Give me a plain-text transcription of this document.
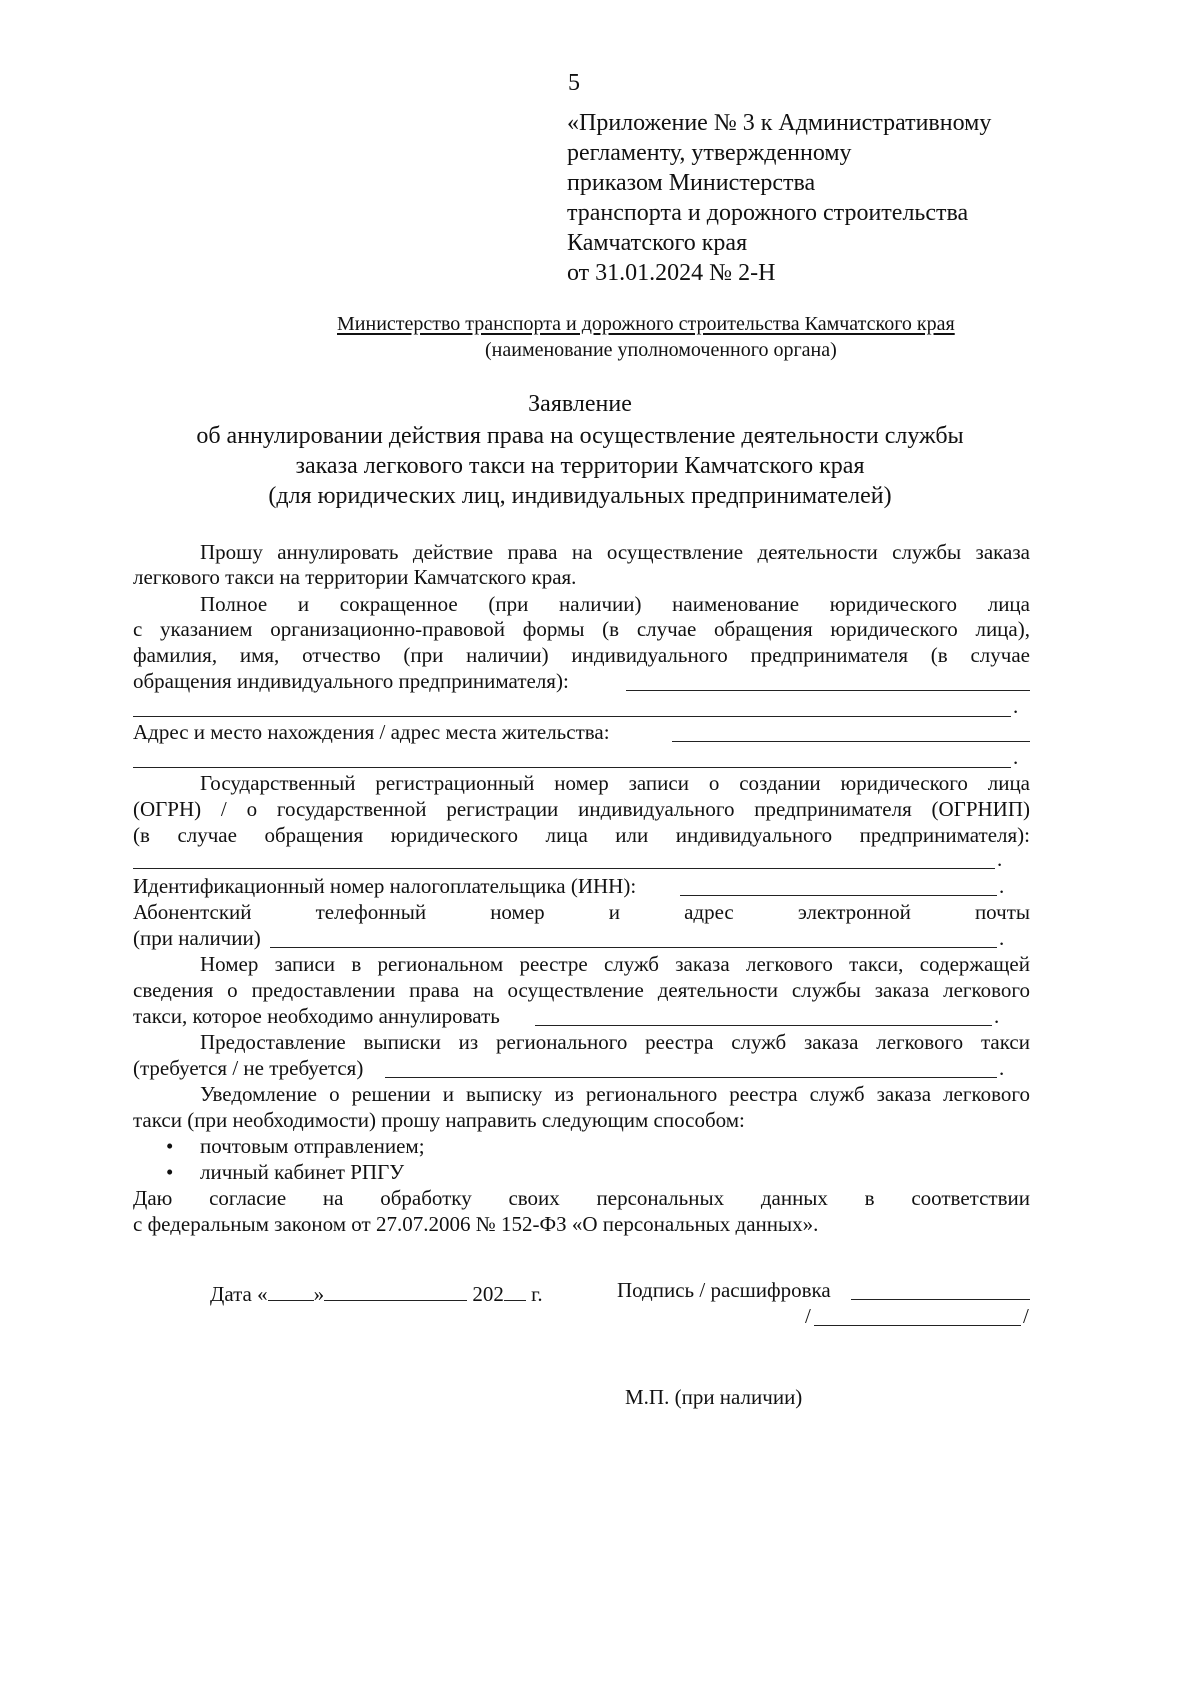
5
«Приложение № 3 к Административному
регламенту, утвержденному
приказом Министерства
транспорта и дорожного строительства
Камчатского края
от 31.01.2024 № 2-Н
Министерство транспорта и дорожного строительства Камчатского края
(наименование уполномоченного органа)
Заявление
об аннулировании действия права на осуществление деятельности службы
заказа легкового такси на территории Камчатского края
(для юридических лиц, индивидуальных предпринимателей)
Прошу аннулировать действие права на осуществление деятельности службы заказа
легкового такси на территории Камчатского края.
Полное и сокращенное (при наличии) наименование юридического лица
с указанием организационно-правовой формы (в случае обращения юридического лица),
фамилия, имя, отчество (при наличии) индивидуального предпринимателя (в случае
обращения индивидуального предпринимателя):
.
Адрес и место нахождения / адрес места жительства:
.
Государственный регистрационный номер записи о создании юридического лица
(ОГРН) / о государственной регистрации индивидуального предпринимателя (ОГРНИП)
(в случае обращения юридического лица или индивидуального предпринимателя):
.
Идентификационный номер налогоплательщика (ИНН):	.
Абонентский телефонный номер и адрес электронной почты
(при наличии)	.
Номер записи в региональном реестре служб заказа легкового такси, содержащей
сведения о предоставлении права на осуществление деятельности службы заказа легкового
такси, которое необходимо аннулировать	.
Предоставление выписки из регионального реестра служб заказа легкового такси
(требуется / не требуется)	.
Уведомление о решении и выписку из регионального реестра служб заказа легкового
такси (при необходимости) прошу направить следующим способом:
• почтовым отправлением;
• личный кабинет РПГУ
Даю согласие на обработку своих персональных данных в соответствии
с федеральным законом от 27.07.2006 № 152-ФЗ «О персональных данных».
Дата « »	202 г.	Подпись / расшифровка
/	/
М.П. (при наличии)
